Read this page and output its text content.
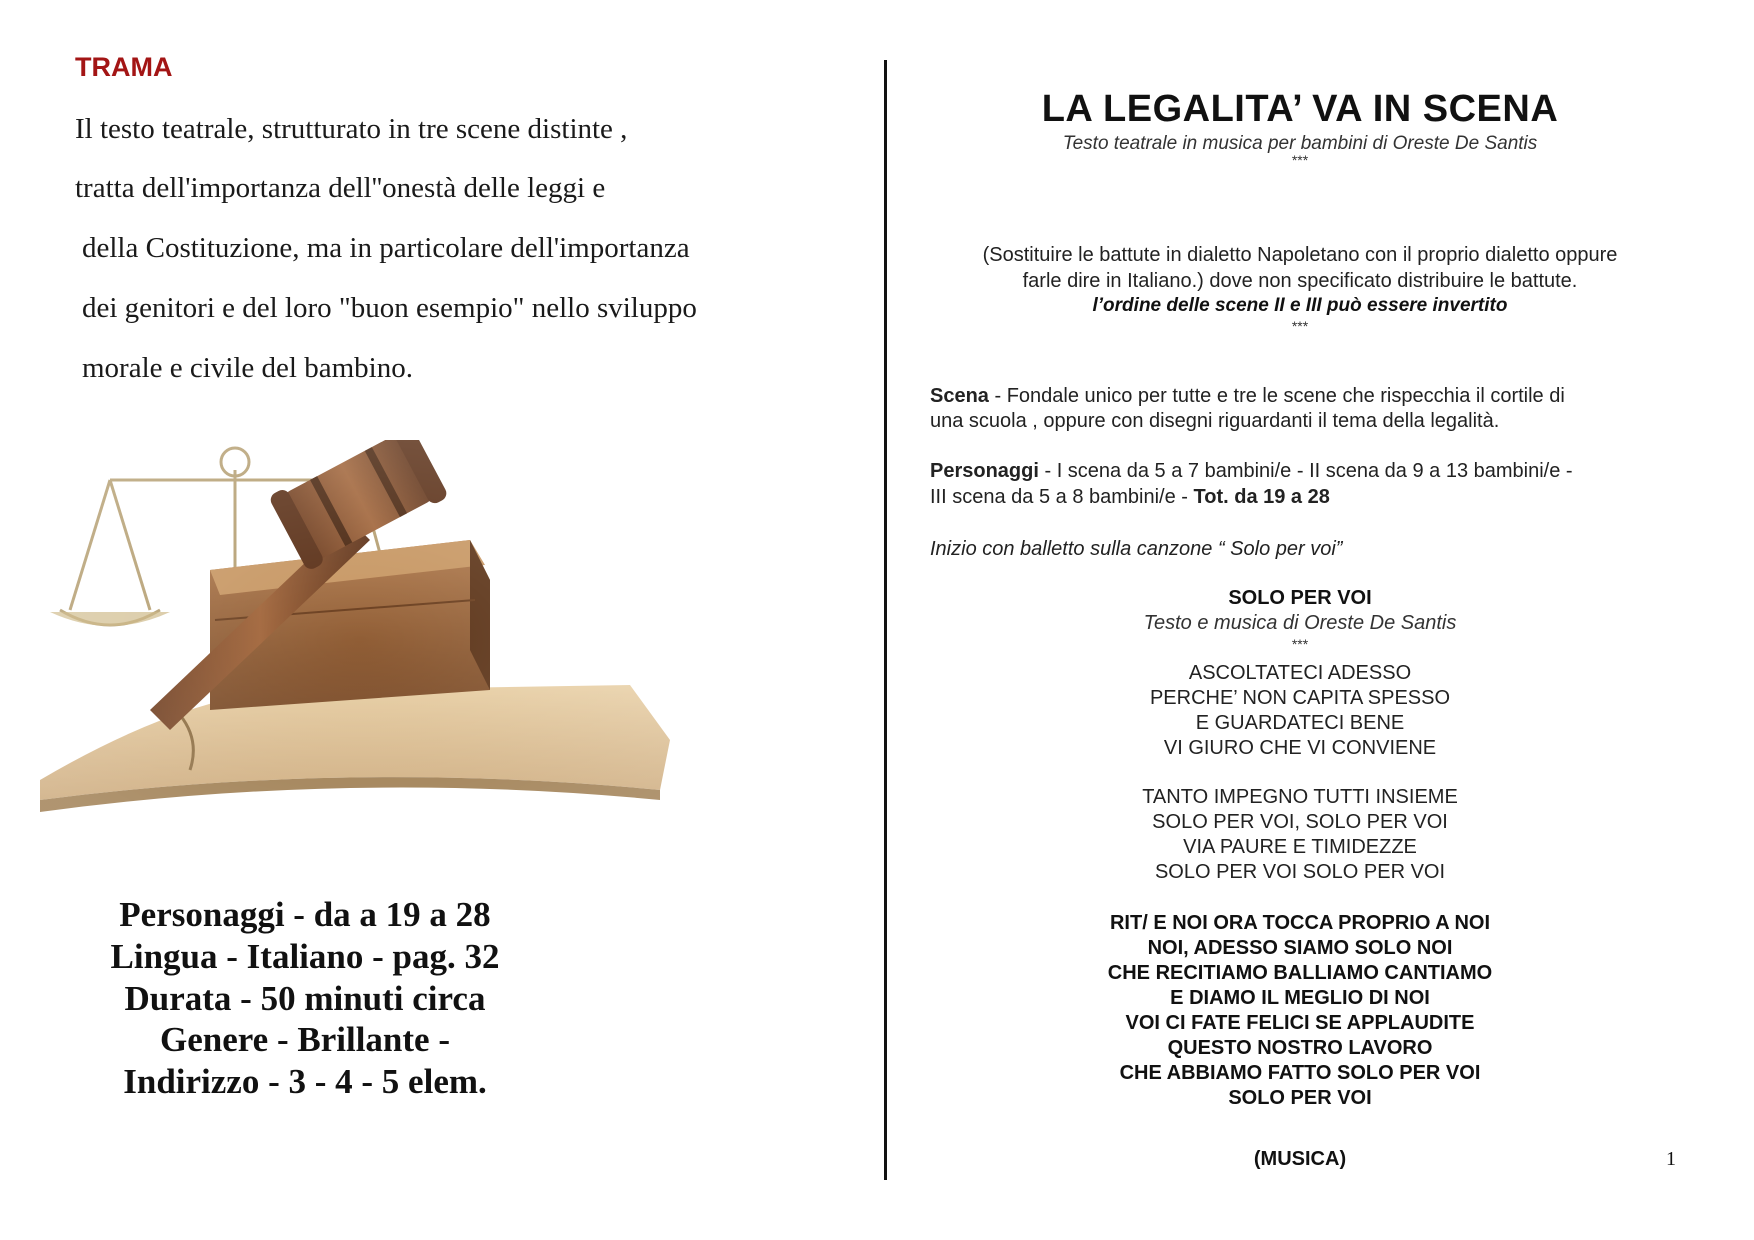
TRAMA
Il testo teatrale, strutturato in tre scene distinte ,
tratta dell'importanza dell''onestà delle leggi e
della Costituzione, ma in particolare dell'importanza
dei genitori e del loro "buon esempio" nello sviluppo
morale e civile del bambino.
Personaggi - da a 19 a 28
Lingua - Italiano - pag. 32
Durata - 50 minuti circa
Genere - Brillante -
Indirizzo - 3 - 4 - 5 elem.
LA LEGALITA’ VA IN SCENA
Testo teatrale in musica per bambini di Oreste De Santis
***
(Sostituire le battute in dialetto Napoletano con il proprio dialetto oppure
farle dire in Italiano.) dove non specificato distribuire le battute.
l’ordine delle scene II e III può essere invertito
***
Scena - Fondale unico per tutte e tre le scene che rispecchia il cortile di
una scuola , oppure con disegni riguardanti il tema della legalità.
Personaggi - I scena da 5 a 7 bambini/e - II scena da 9 a 13 bambini/e -
III scena da 5 a 8 bambini/e - Tot. da 19 a 28
Inizio con balletto sulla canzone “ Solo per voi”
SOLO PER VOI
Testo e musica di Oreste De Santis
***
ASCOLTATECI ADESSO
PERCHE’ NON CAPITA SPESSO
E GUARDATECI BENE
VI GIURO CHE VI CONVIENE
TANTO IMPEGNO TUTTI INSIEME
SOLO PER VOI, SOLO PER VOI
VIA PAURE E TIMIDEZZE
SOLO PER VOI SOLO PER VOI
RIT/ E NOI ORA TOCCA PROPRIO A NOI
NOI, ADESSO SIAMO SOLO NOI
CHE RECITIAMO BALLIAMO CANTIAMO
E DIAMO IL MEGLIO DI NOI
VOI CI FATE FELICI SE APPLAUDITE
QUESTO NOSTRO LAVORO
CHE ABBIAMO FATTO SOLO PER VOI
SOLO PER VOI
(MUSICA)	1
